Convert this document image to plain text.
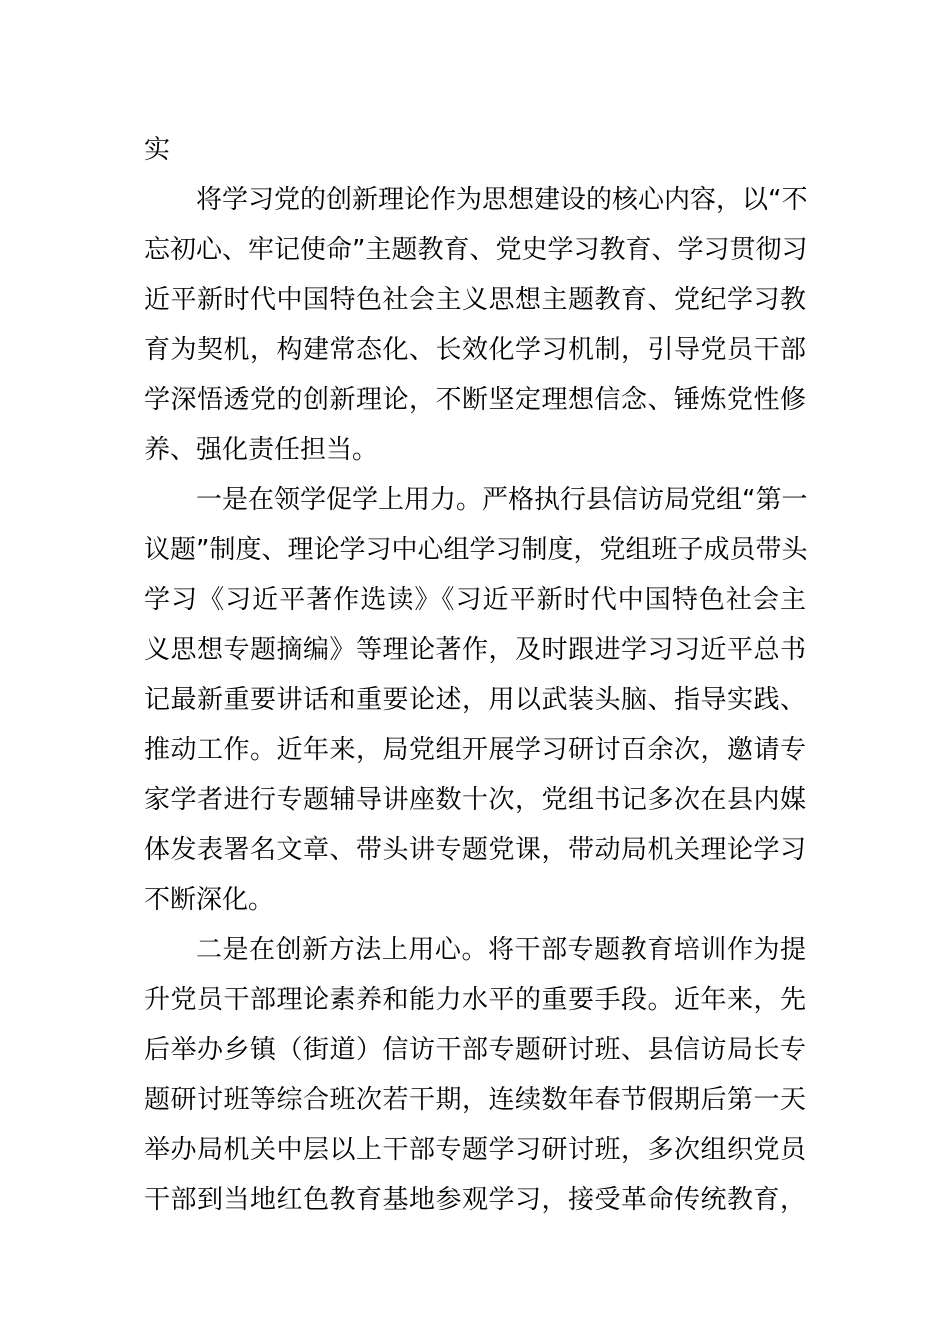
实
将学习党的创新理论作为思想建设的核心内容，以“不
忘初心、牢记使命”主题教育、党史学习教育、学习贯彻习
近平新时代中国特色社会主义思想主题教育、党纪学习教
育为契机，构建常态化、长效化学习机制，引导党员干部
学深悟透党的创新理论，不断坚定理想信念、锤炼党性修
养、强化责任担当。
一是在领学促学上用力。严格执行县信访局党组“第一
议题”制度、理论学习中心组学习制度，党组班子成员带头
学习《习近平著作选读》《习近平新时代中国特色社会主
义思想专题摘编》等理论著作，及时跟进学习习近平总书
记最新重要讲话和重要论述，用以武装头脑、指导实践、
推动工作。近年来，局党组开展学习研讨百余次，邀请专
家学者进行专题辅导讲座数十次，党组书记多次在县内媒
体发表署名文章、带头讲专题党课，带动局机关理论学习
不断深化。
二是在创新方法上用心。将干部专题教育培训作为提
升党员干部理论素养和能力水平的重要手段。近年来，先
后举办乡镇（街道）信访干部专题研讨班、县信访局长专
题研讨班等综合班次若干期，连续数年春节假期后第一天
举办局机关中层以上干部专题学习研讨班，多次组织党员
干部到当地红色教育基地参观学习，接受革命传统教育，
